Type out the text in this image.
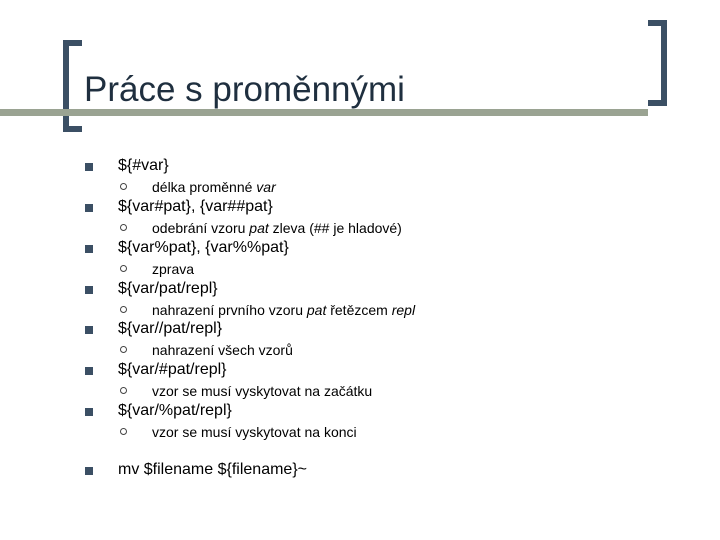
Práce s proměnnými
${#var}
délka proměnné var
${var#pat}, {var##pat}
odebrání vzoru pat zleva (## je hladové)
${var%pat}, {var%%pat}
zprava
${var/pat/repl}
nahrazení prvního vzoru pat řetězcem repl
${var//pat/repl}
nahrazení všech vzorů
${var/#pat/repl}
vzor se musí vyskytovat na začátku
${var/%pat/repl}
vzor se musí vyskytovat na konci
mv $filename ${filename}~
